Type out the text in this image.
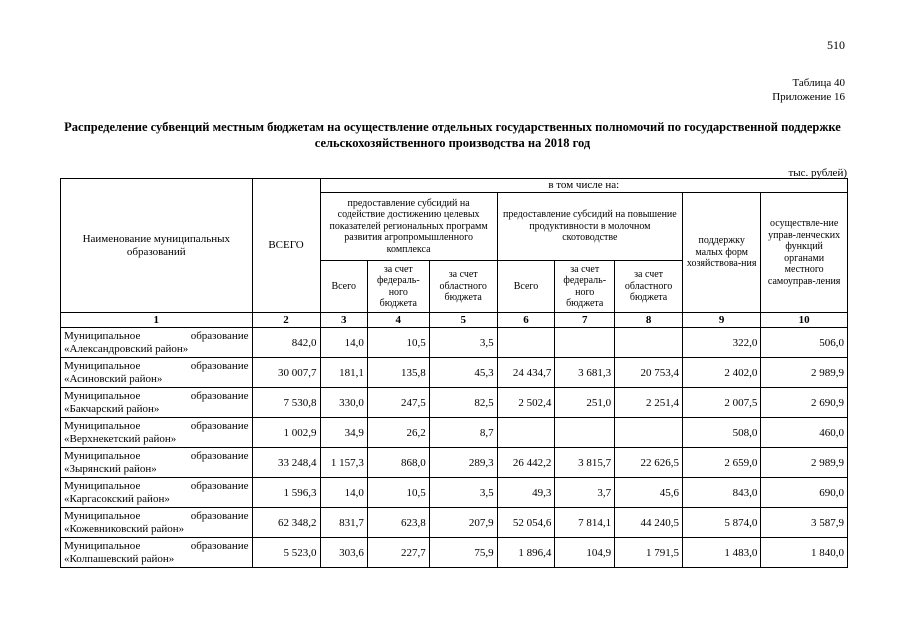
510
Таблица 40
Приложение 16
Распределение субвенций местным бюджетам на осуществление отдельных государственных полномочий по государственной поддержке сельскохозяйственного производства на 2018 год
тыс. рублей)
Наименование муниципальных образований	ВСЕГО	в том числе на:							
		предоставление субсидий на содействие достижению целевых показателей региональных программ развития агропромышленного комплекса			предоставление субсидий на повышение продуктивности в молочном скотоводстве			поддержку малых форм хозяйствова-ния	осуществле-ние управ-ленческих функций органами местного самоуправ-ления
		Всего	за счет федераль-ного бюджета	за счет областного бюджета	Всего	за счет федераль-ного бюджета	за счет областного бюджета		
1	2	3	4	5	6	7	8	9	10
Муниципальное образование «Александровский район»	842,0	14,0	10,5	3,5				322,0	506,0
Муниципальное образование «Асиновский район»	30 007,7	181,1	135,8	45,3	24 434,7	3 681,3	20 753,4	2 402,0	2 989,9
Муниципальное образование «Бакчарский район»	7 530,8	330,0	247,5	82,5	2 502,4	251,0	2 251,4	2 007,5	2 690,9
Муниципальное образование «Верхнекетский район»	1 002,9	34,9	26,2	8,7				508,0	460,0
Муниципальное образование «Зырянский район»	33 248,4	1 157,3	868,0	289,3	26 442,2	3 815,7	22 626,5	2 659,0	2 989,9
Муниципальное образование «Каргасокский район»	1 596,3	14,0	10,5	3,5	49,3	3,7	45,6	843,0	690,0
Муниципальное образование «Кожевниковский район»	62 348,2	831,7	623,8	207,9	52 054,6	7 814,1	44 240,5	5 874,0	3 587,9
Муниципальное образование «Колпашевский район»	5 523,0	303,6	227,7	75,9	1 896,4	104,9	1 791,5	1 483,0	1 840,0
